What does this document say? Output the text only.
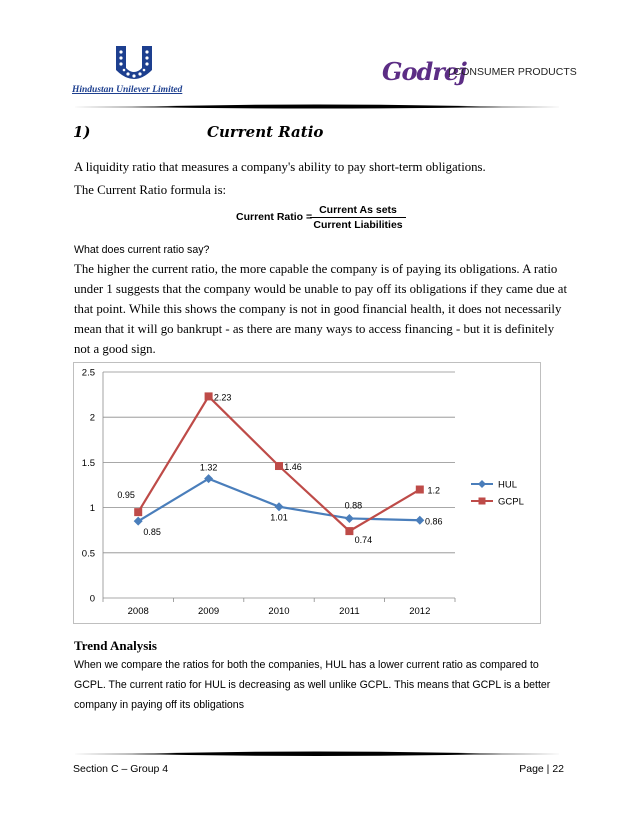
Hindustan Unilever Limited
Godrej
| CONSUMER PRODUCTS
1)	Current Ratio
A liquidity ratio that measures a company's ability to pay short-term obligations.
The Current Ratio formula is:
Current Ratio =
Current As sets
Current Liabilities
What does current ratio say?
The higher the current ratio, the more capable the company is of paying its obligations. A ratio
under 1 suggests that the company would be unable to pay off its obligations if they came due at
that point. While this shows the company is not in good financial health, it does not necessarily
mean that it will go bankrupt - as there are many ways to access financing - but it is definitely
not a good sign.
0
0.5
1
1.5
2
2.5
2008	2009	2010	2011	2012
0.85
1.32
1.01
0.88
0.86
0.95
2.23
1.46
0.74
1.2
HUL
GCPL
Trend Analysis
When we compare the ratios for both the companies, HUL has a lower current ratio as compared to
GCPL. The current ratio for HUL is decreasing as well unlike GCPL. This means that GCPL is a better
company in paying off its obligations
Section C – Group 4	Page | 22
